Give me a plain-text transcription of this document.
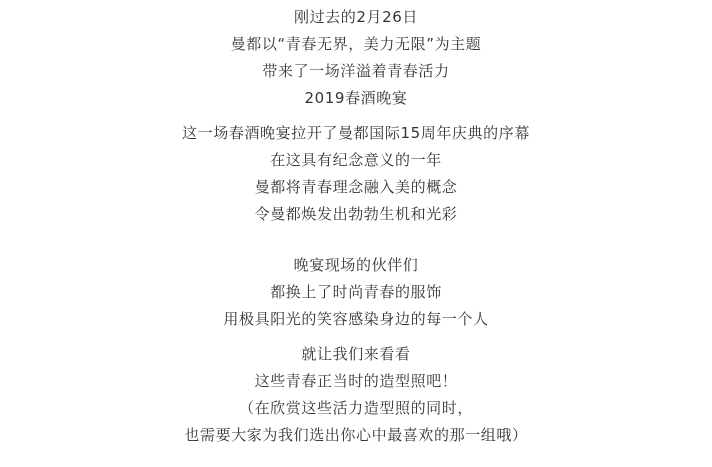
刚过去的2月26日
曼都以“青春无界，美力无限”为主题
带来了一场洋溢着青春活力
2019春酒晚宴
这一场春酒晚宴拉开了曼都国际15周年庆典的序幕
在这具有纪念意义的一年
曼都将青春理念融入美的概念
令曼都焕发出勃勃生机和光彩
晚宴现场的伙伴们
都换上了时尚青春的服饰
用极具阳光的笑容感染身边的每一个人
就让我们来看看
这些青春正当时的造型照吧！
（在欣赏这些活力造型照的同时，
也需要大家为我们选出你心中最喜欢的那一组哦）
